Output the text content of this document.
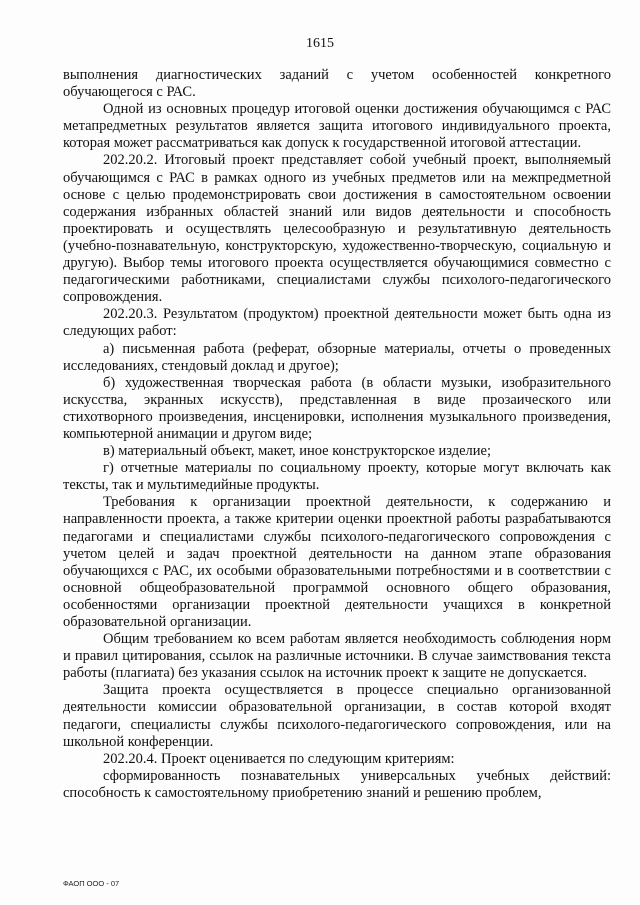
1615

выполнения диагностических заданий с учетом особенностей конкретного обучающегося с РАС.

Одной из основных процедур итоговой оценки достижения обучающимся с РАС метапредметных результатов является защита итогового индивидуального проекта, которая может рассматриваться как допуск к государственной итоговой аттестации.

202.20.2. Итоговый проект представляет собой учебный проект, выполняемый обучающимся с РАС в рамках одного из учебных предметов или на межпредметной основе с целью продемонстрировать свои достижения в самостоятельном освоении содержания избранных областей знаний или видов деятельности и способность проектировать и осуществлять целесообразную и результативную деятельность (учебно-познавательную, конструкторскую, художественно-творческую, социальную и другую). Выбор темы итогового проекта осуществляется обучающимися совместно с педагогическими работниками, специалистами службы психолого-педагогического сопровождения.

202.20.3. Результатом (продуктом) проектной деятельности может быть одна из следующих работ:

а) письменная работа (реферат, обзорные материалы, отчеты о проведенных исследованиях, стендовый доклад и другое);

б) художественная творческая работа (в области музыки, изобразительного искусства, экранных искусств), представленная в виде прозаического или стихотворного произведения, инсценировки, исполнения музыкального произведения, компьютерной анимации и другом виде;

в) материальный объект, макет, иное конструкторское изделие;

г) отчетные материалы по социальному проекту, которые могут включать как тексты, так и мультимедийные продукты.

Требования к организации проектной деятельности, к содержанию и направленности проекта, а также критерии оценки проектной работы разрабатываются педагогами и специалистами службы психолого-педагогического сопровождения с учетом целей и задач проектной деятельности на данном этапе образования обучающихся с РАС, их особыми образовательными потребностями и в соответствии с основной общеобразовательной программой основного общего образования, особенностями организации проектной деятельности учащихся в конкретной образовательной организации.

Общим требованием ко всем работам является необходимость соблюдения норм и правил цитирования, ссылок на различные источники. В случае заимствования текста работы (плагиата) без указания ссылок на источник проект к защите не допускается.

Защита проекта осуществляется в процессе специально организованной деятельности комиссии образовательной организации, в состав которой входят педагоги, специалисты службы психолого-педагогического сопровождения, или на школьной конференции.

202.20.4. Проект оценивается по следующим критериям:

сформированность познавательных универсальных учебных действий: способность к самостоятельному приобретению знаний и решению проблем,

ФАОП ООО - 07
